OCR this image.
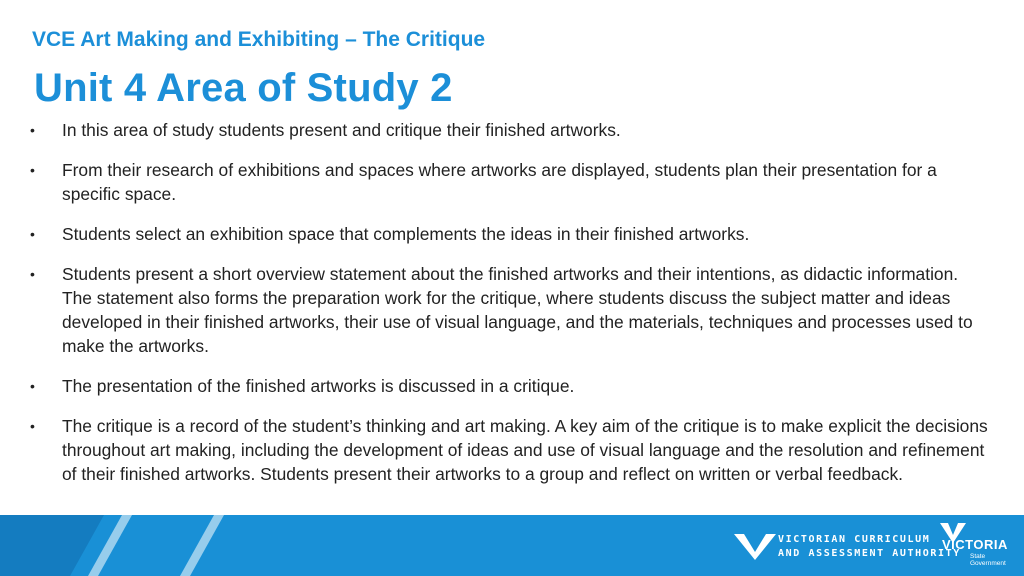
VCE Art Making and Exhibiting – The Critique
Unit 4 Area of Study 2
• In this area of study students present and critique their finished artworks.
• From their research of exhibitions and spaces where artworks are displayed, students plan their presentation for a specific space.
• Students select an exhibition space that complements the ideas in their finished artworks.
• Students present a short overview statement about the finished artworks and their intentions, as didactic information. The statement also forms the preparation work for the critique, where students discuss the subject matter and ideas developed in their finished artworks, their use of visual language, and the materials, techniques and processes used to make the artworks.
• The presentation of the finished artworks is discussed in a critique.
• The critique is a record of the student’s thinking and art making. A key aim of the critique is to make explicit the decisions throughout art making, including the development of ideas and use of visual language and the resolution and refinement of their finished artworks. Students present their artworks to a group and reflect on written or verbal feedback.
VICTORIAN CURRICULUM
AND ASSESSMENT AUTHORITY
VICTORIA
State
Government
